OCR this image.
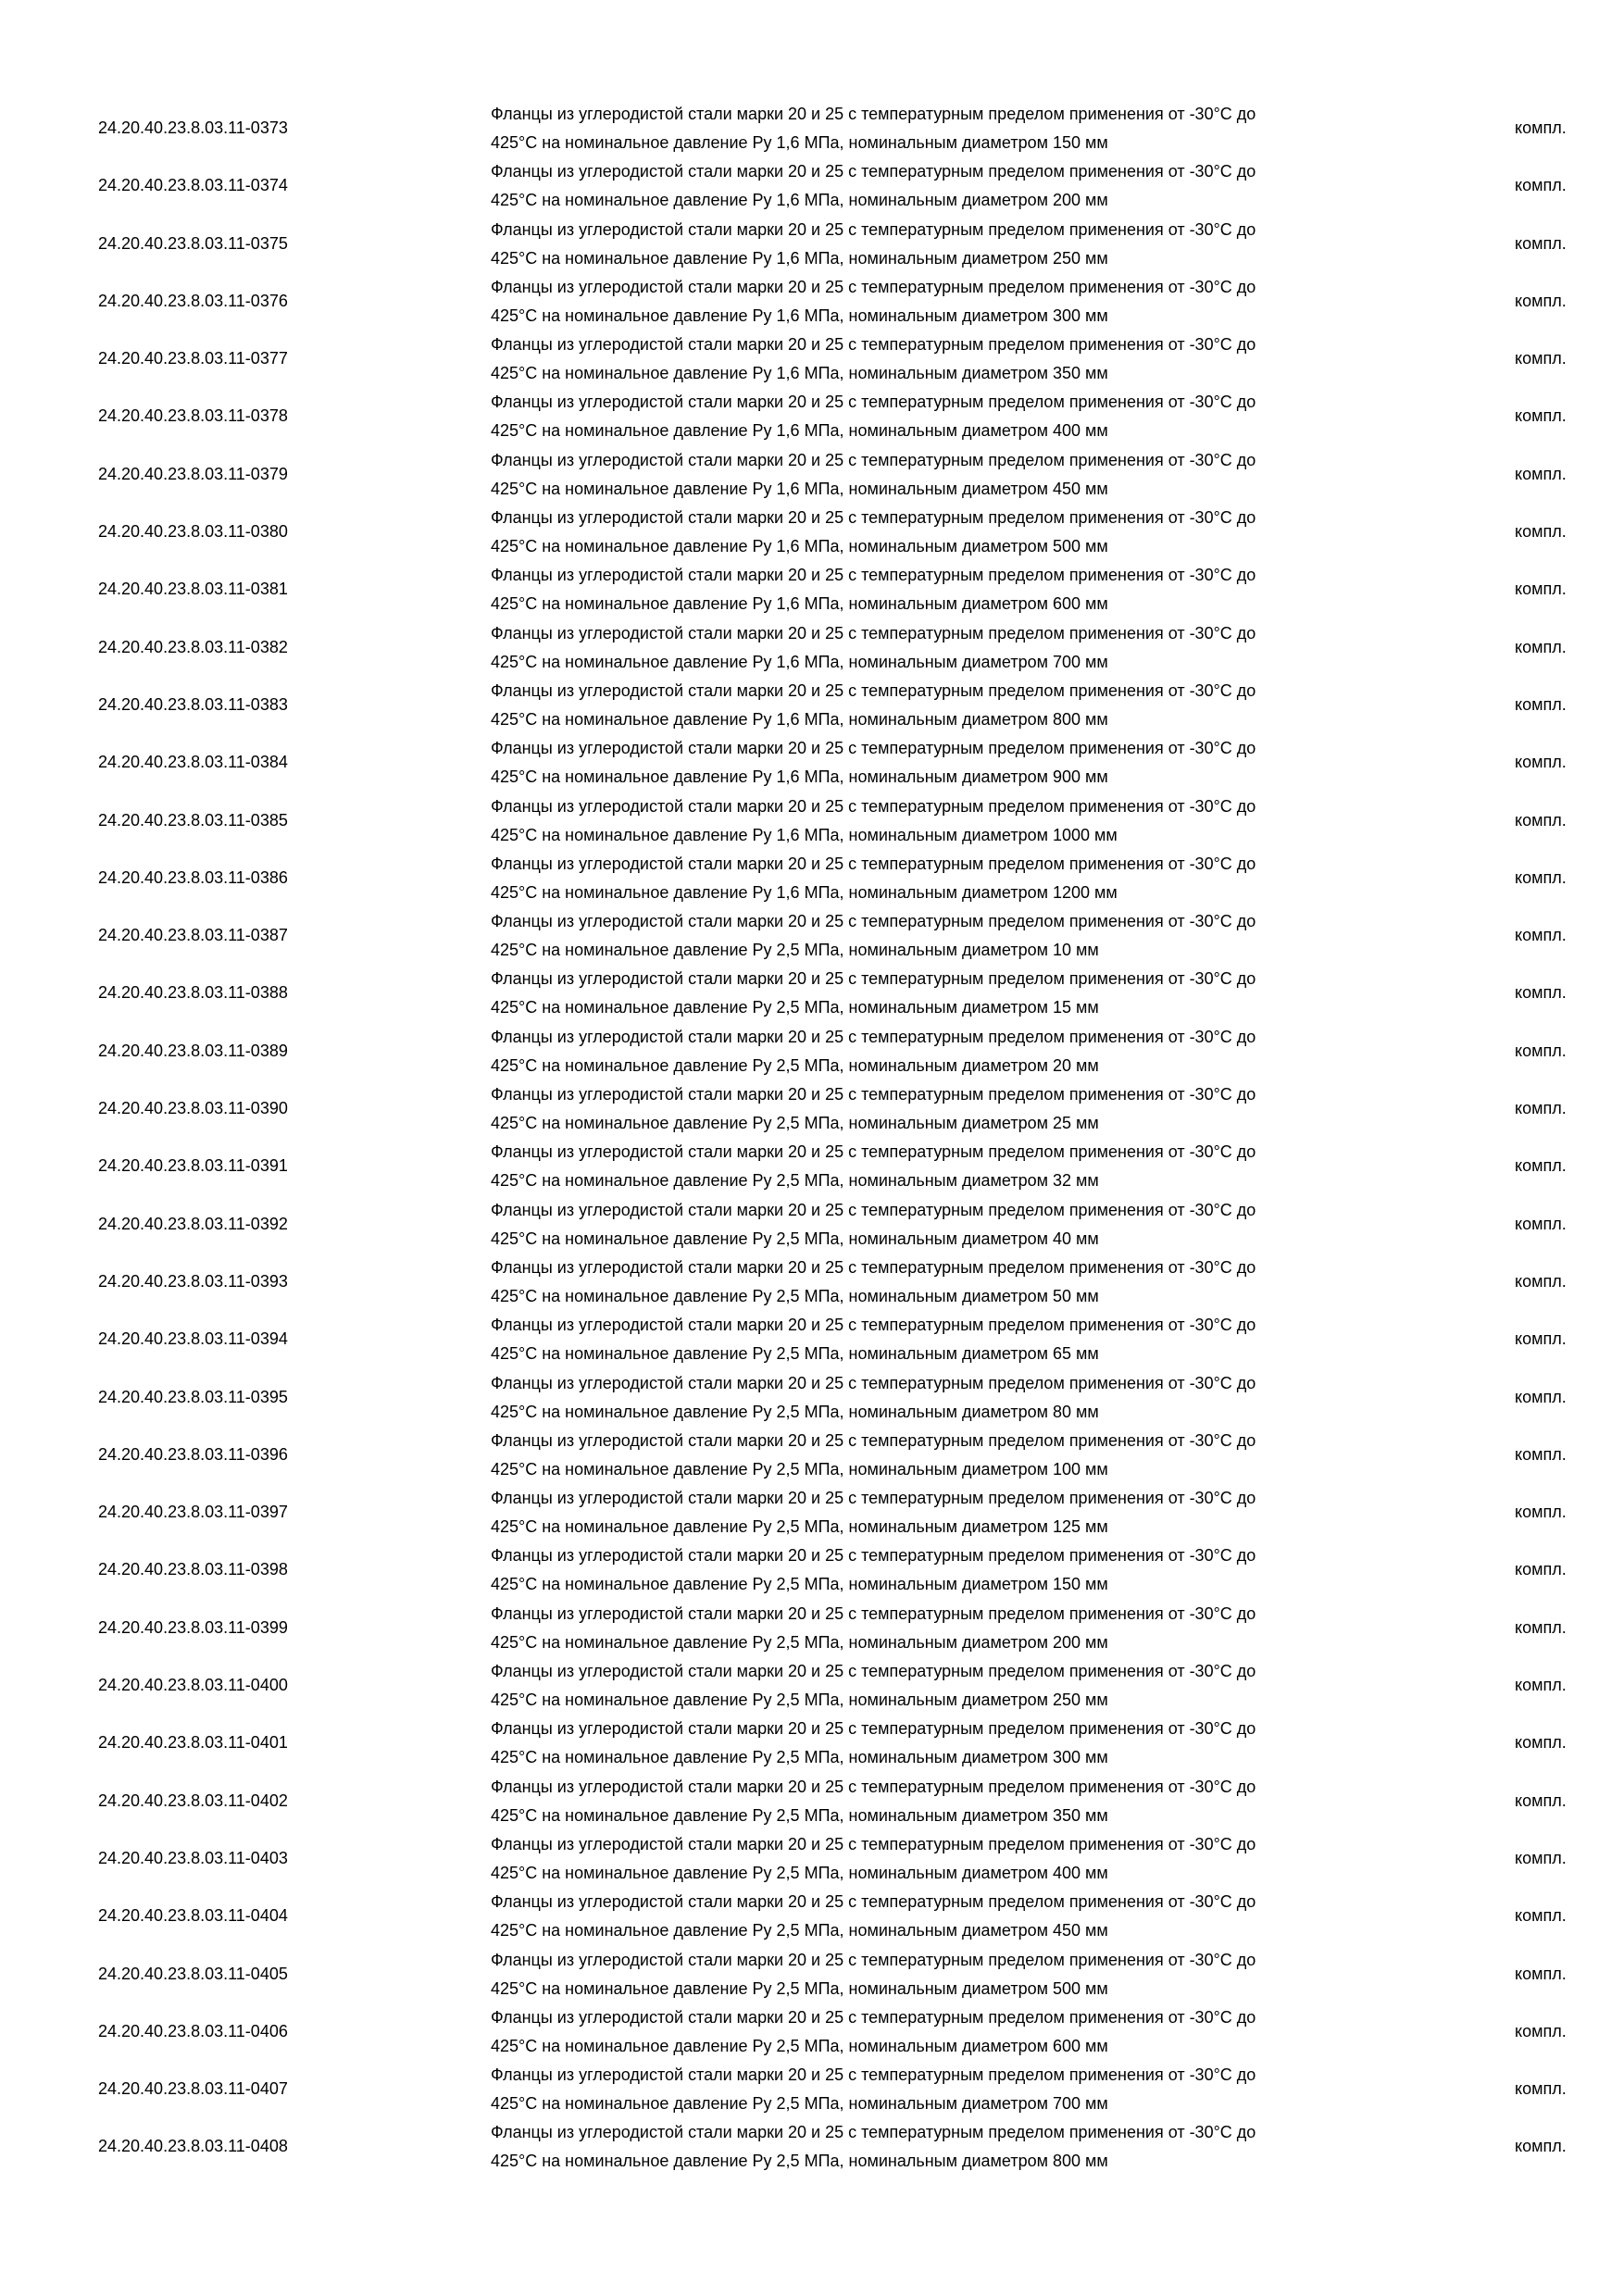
24.20.40.23.8.03.11-0373
Фланцы из углеродистой стали марки 20 и 25 с температурным пределом применения от -30°С до
425°С на номинальное давление Ру 1,6 МПа, номинальным диаметром 150 мм
компл.
24.20.40.23.8.03.11-0374
Фланцы из углеродистой стали марки 20 и 25 с температурным пределом применения от -30°С до
425°С на номинальное давление Ру 1,6 МПа, номинальным диаметром 200 мм
компл.
24.20.40.23.8.03.11-0375
Фланцы из углеродистой стали марки 20 и 25 с температурным пределом применения от -30°С до
425°С на номинальное давление Ру 1,6 МПа, номинальным диаметром 250 мм
компл.
24.20.40.23.8.03.11-0376
Фланцы из углеродистой стали марки 20 и 25 с температурным пределом применения от -30°С до
425°С на номинальное давление Ру 1,6 МПа, номинальным диаметром 300 мм
компл.
24.20.40.23.8.03.11-0377
Фланцы из углеродистой стали марки 20 и 25 с температурным пределом применения от -30°С до
425°С на номинальное давление Ру 1,6 МПа, номинальным диаметром 350 мм
компл.
24.20.40.23.8.03.11-0378
Фланцы из углеродистой стали марки 20 и 25 с температурным пределом применения от -30°С до
425°С на номинальное давление Ру 1,6 МПа, номинальным диаметром 400 мм
компл.
24.20.40.23.8.03.11-0379
Фланцы из углеродистой стали марки 20 и 25 с температурным пределом применения от -30°С до
425°С на номинальное давление Ру 1,6 МПа, номинальным диаметром 450 мм
компл.
24.20.40.23.8.03.11-0380
Фланцы из углеродистой стали марки 20 и 25 с температурным пределом применения от -30°С до
425°С на номинальное давление Ру 1,6 МПа, номинальным диаметром 500 мм
компл.
24.20.40.23.8.03.11-0381
Фланцы из углеродистой стали марки 20 и 25 с температурным пределом применения от -30°С до
425°С на номинальное давление Ру 1,6 МПа, номинальным диаметром 600 мм
компл.
24.20.40.23.8.03.11-0382
Фланцы из углеродистой стали марки 20 и 25 с температурным пределом применения от -30°С до
425°С на номинальное давление Ру 1,6 МПа, номинальным диаметром 700 мм
компл.
24.20.40.23.8.03.11-0383
Фланцы из углеродистой стали марки 20 и 25 с температурным пределом применения от -30°С до
425°С на номинальное давление Ру 1,6 МПа, номинальным диаметром 800 мм
компл.
24.20.40.23.8.03.11-0384
Фланцы из углеродистой стали марки 20 и 25 с температурным пределом применения от -30°С до
425°С на номинальное давление Ру 1,6 МПа, номинальным диаметром 900 мм
компл.
24.20.40.23.8.03.11-0385
Фланцы из углеродистой стали марки 20 и 25 с температурным пределом применения от -30°С до
425°С на номинальное давление Ру 1,6 МПа, номинальным диаметром 1000 мм
компл.
24.20.40.23.8.03.11-0386
Фланцы из углеродистой стали марки 20 и 25 с температурным пределом применения от -30°С до
425°С на номинальное давление Ру 1,6 МПа, номинальным диаметром 1200 мм
компл.
24.20.40.23.8.03.11-0387
Фланцы из углеродистой стали марки 20 и 25 с температурным пределом применения от -30°С до
425°С на номинальное давление Ру 2,5 МПа, номинальным диаметром 10 мм
компл.
24.20.40.23.8.03.11-0388
Фланцы из углеродистой стали марки 20 и 25 с температурным пределом применения от -30°С до
425°С на номинальное давление Ру 2,5 МПа, номинальным диаметром 15 мм
компл.
24.20.40.23.8.03.11-0389
Фланцы из углеродистой стали марки 20 и 25 с температурным пределом применения от -30°С до
425°С на номинальное давление Ру 2,5 МПа, номинальным диаметром 20 мм
компл.
24.20.40.23.8.03.11-0390
Фланцы из углеродистой стали марки 20 и 25 с температурным пределом применения от -30°С до
425°С на номинальное давление Ру 2,5 МПа, номинальным диаметром 25 мм
компл.
24.20.40.23.8.03.11-0391
Фланцы из углеродистой стали марки 20 и 25 с температурным пределом применения от -30°С до
425°С на номинальное давление Ру 2,5 МПа, номинальным диаметром 32 мм
компл.
24.20.40.23.8.03.11-0392
Фланцы из углеродистой стали марки 20 и 25 с температурным пределом применения от -30°С до
425°С на номинальное давление Ру 2,5 МПа, номинальным диаметром 40 мм
компл.
24.20.40.23.8.03.11-0393
Фланцы из углеродистой стали марки 20 и 25 с температурным пределом применения от -30°С до
425°С на номинальное давление Ру 2,5 МПа, номинальным диаметром 50 мм
компл.
24.20.40.23.8.03.11-0394
Фланцы из углеродистой стали марки 20 и 25 с температурным пределом применения от -30°С до
425°С на номинальное давление Ру 2,5 МПа, номинальным диаметром 65 мм
компл.
24.20.40.23.8.03.11-0395
Фланцы из углеродистой стали марки 20 и 25 с температурным пределом применения от -30°С до
425°С на номинальное давление Ру 2,5 МПа, номинальным диаметром 80 мм
компл.
24.20.40.23.8.03.11-0396
Фланцы из углеродистой стали марки 20 и 25 с температурным пределом применения от -30°С до
425°С на номинальное давление Ру 2,5 МПа, номинальным диаметром 100 мм
компл.
24.20.40.23.8.03.11-0397
Фланцы из углеродистой стали марки 20 и 25 с температурным пределом применения от -30°С до
425°С на номинальное давление Ру 2,5 МПа, номинальным диаметром 125 мм
компл.
24.20.40.23.8.03.11-0398
Фланцы из углеродистой стали марки 20 и 25 с температурным пределом применения от -30°С до
425°С на номинальное давление Ру 2,5 МПа, номинальным диаметром 150 мм
компл.
24.20.40.23.8.03.11-0399
Фланцы из углеродистой стали марки 20 и 25 с температурным пределом применения от -30°С до
425°С на номинальное давление Ру 2,5 МПа, номинальным диаметром 200 мм
компл.
24.20.40.23.8.03.11-0400
Фланцы из углеродистой стали марки 20 и 25 с температурным пределом применения от -30°С до
425°С на номинальное давление Ру 2,5 МПа, номинальным диаметром 250 мм
компл.
24.20.40.23.8.03.11-0401
Фланцы из углеродистой стали марки 20 и 25 с температурным пределом применения от -30°С до
425°С на номинальное давление Ру 2,5 МПа, номинальным диаметром 300 мм
компл.
24.20.40.23.8.03.11-0402
Фланцы из углеродистой стали марки 20 и 25 с температурным пределом применения от -30°С до
425°С на номинальное давление Ру 2,5 МПа, номинальным диаметром 350 мм
компл.
24.20.40.23.8.03.11-0403
Фланцы из углеродистой стали марки 20 и 25 с температурным пределом применения от -30°С до
425°С на номинальное давление Ру 2,5 МПа, номинальным диаметром 400 мм
компл.
24.20.40.23.8.03.11-0404
Фланцы из углеродистой стали марки 20 и 25 с температурным пределом применения от -30°С до
425°С на номинальное давление Ру 2,5 МПа, номинальным диаметром 450 мм
компл.
24.20.40.23.8.03.11-0405
Фланцы из углеродистой стали марки 20 и 25 с температурным пределом применения от -30°С до
425°С на номинальное давление Ру 2,5 МПа, номинальным диаметром 500 мм
компл.
24.20.40.23.8.03.11-0406
Фланцы из углеродистой стали марки 20 и 25 с температурным пределом применения от -30°С до
425°С на номинальное давление Ру 2,5 МПа, номинальным диаметром 600 мм
компл.
24.20.40.23.8.03.11-0407
Фланцы из углеродистой стали марки 20 и 25 с температурным пределом применения от -30°С до
425°С на номинальное давление Ру 2,5 МПа, номинальным диаметром 700 мм
компл.
24.20.40.23.8.03.11-0408
Фланцы из углеродистой стали марки 20 и 25 с температурным пределом применения от -30°С до
425°С на номинальное давление Ру 2,5 МПа, номинальным диаметром 800 мм
компл.
